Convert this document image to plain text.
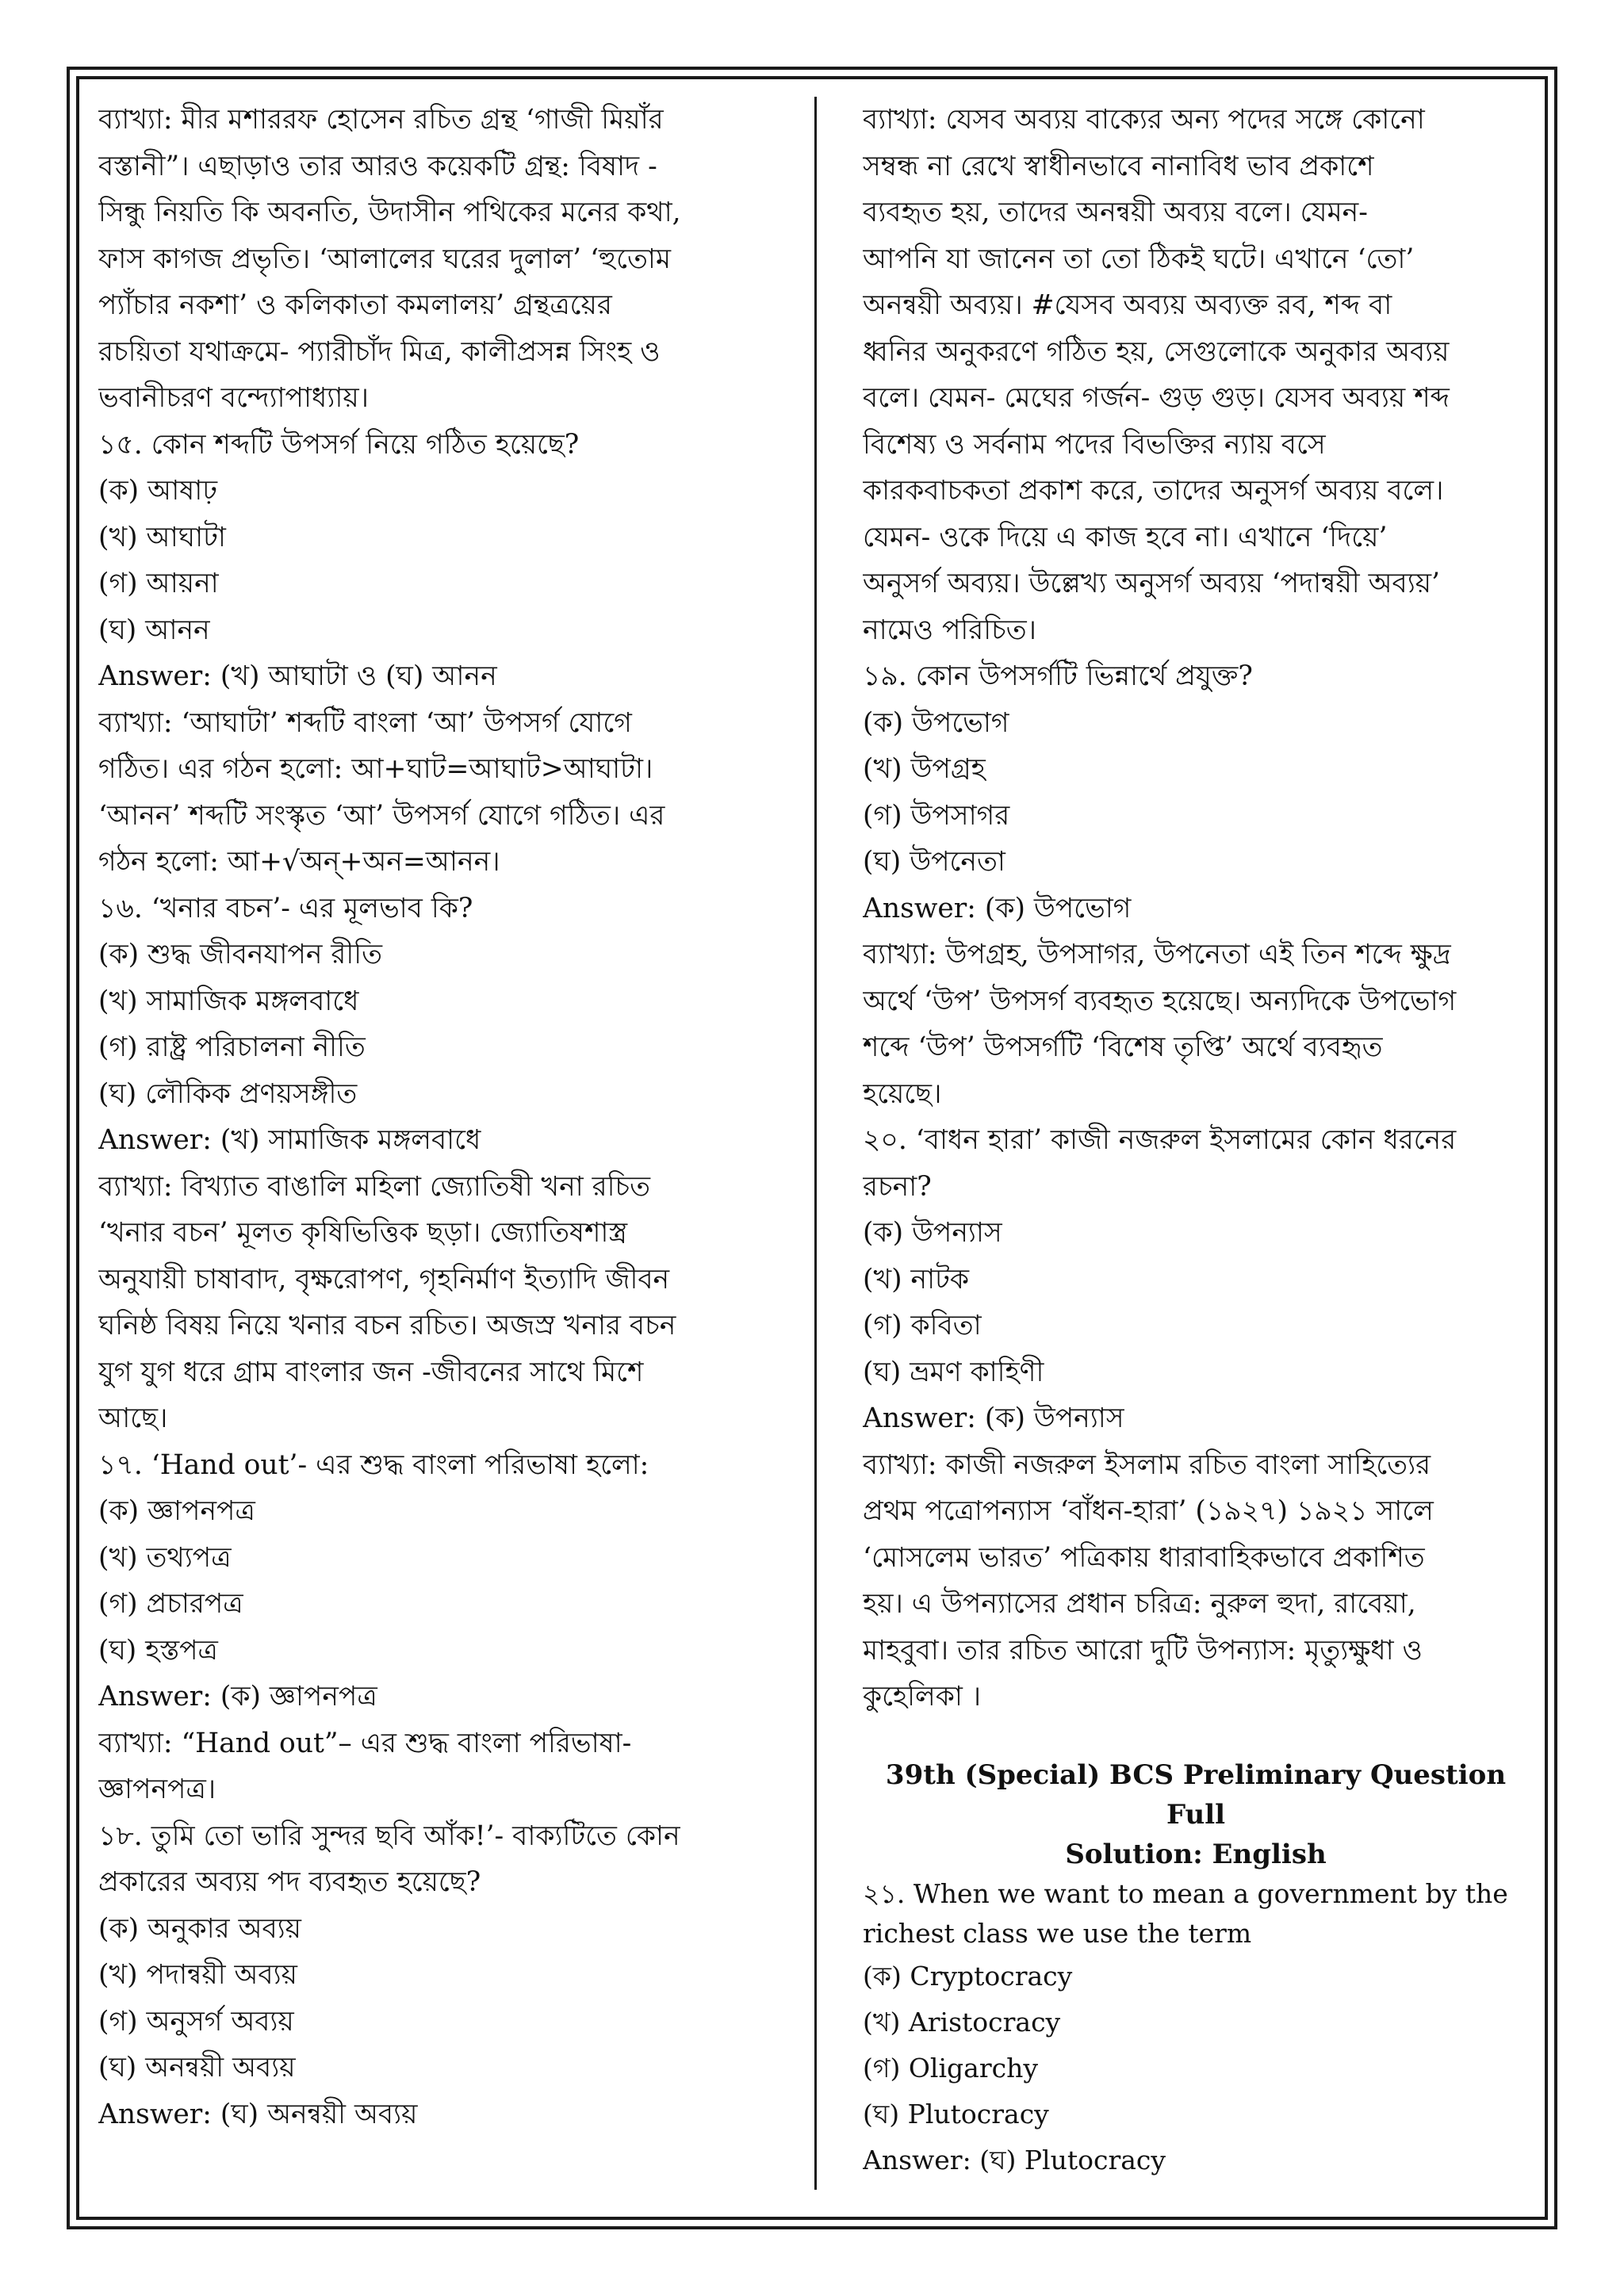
ব্যাখ্যা: মীর মশাররফ হোসেন রচিত গ্রন্থ ‘গাজী মিয়াঁর
বস্তানী”। এছাড়াও তার আরও কয়েকটি গ্রন্থ: বিষাদ -
সিন্ধু নিয়তি কি অবনতি, উদাসীন পথিকের মনের কথা,
ফাস কাগজ প্রভৃতি। ‘আলালের ঘরের দুলাল’ ‘হুতোম
প্যাঁচার নকশা’ ও কলিকাতা কমলালয়’ গ্রন্থত্রয়ের
রচয়িতা যথাক্রমে- প্যারীচাঁদ মিত্র, কালীপ্রসন্ন সিংহ ও
ভবানীচরণ বন্দ্যোপাধ্যায়।
১৫. কোন শব্দটি উপসর্গ নিয়ে গঠিত হয়েছে?
(ক) আষাঢ়
(খ) আঘাটা
(গ) আয়না
(ঘ) আনন
Answer: (খ) আঘাটা ও (ঘ) আনন
ব্যাখ্যা: ‘আঘাটা’ শব্দটি বাংলা ‘আ’ উপসর্গ যোগে
গঠিত। এর গঠন হলো: আ+ঘাট=আঘাট>আঘাটা।
‘আনন’ শব্দটি সংস্কৃত ‘আ’ উপসর্গ যোগে গঠিত। এর
গঠন হলো: আ+√অন্+অন=আনন।
১৬. ‘খনার বচন’- এর মূলভাব কি?
(ক) শুদ্ধ জীবনযাপন রীতি
(খ) সামাজিক মঙ্গলবাধে
(গ) রাষ্ট্র পরিচালনা নীতি
(ঘ) লৌকিক প্রণয়সঙ্গীত
Answer: (খ) সামাজিক মঙ্গলবাধে
ব্যাখ্যা: বিখ্যাত বাঙালি মহিলা জ্যোতিষী খনা রচিত
‘খনার বচন’ মূলত কৃষিভিত্তিক ছড়া। জ্যোতিষশাস্ত্র
অনুযায়ী চাষাবাদ, বৃক্ষরোপণ, গৃহনির্মাণ ইত্যাদি জীবন
ঘনিষ্ঠ বিষয় নিয়ে খনার বচন রচিত। অজস্র খনার বচন
যুগ যুগ ধরে গ্রাম বাংলার জন -জীবনের সাথে মিশে
আছে।
১৭. ‘Hand out’- এর শুদ্ধ বাংলা পরিভাষা হলো:
(ক) জ্ঞাপনপত্র
(খ) তথ্যপত্র
(গ) প্রচারপত্র
(ঘ) হস্তপত্র
Answer: (ক) জ্ঞাপনপত্র
ব্যাখ্যা: “Hand out”– এর শুদ্ধ বাংলা পরিভাষা-
জ্ঞাপনপত্র।
১৮. তুমি তো ভারি সুন্দর ছবি আঁক!’- বাক্যটিতে কোন
প্রকারের অব্যয় পদ ব্যবহৃত হয়েছে?
(ক) অনুকার অব্যয়
(খ) পদান্বয়ী অব্যয়
(গ) অনুসর্গ অব্যয়
(ঘ) অনন্বয়ী অব্যয়
Answer: (ঘ) অনন্বয়ী অব্যয়
ব্যাখ্যা: যেসব অব্যয় বাক্যের অন্য পদের সঙ্গে কোনো
সম্বন্ধ না রেখে স্বাধীনভাবে নানাবিধ ভাব প্রকাশে
ব্যবহৃত হয়, তাদের অনন্বয়ী অব্যয় বলে। যেমন-
আপনি যা জানেন তা তো ঠিকই ঘটে। এখানে ‘তো’
অনন্বয়ী অব্যয়। #যেসব অব্যয় অব্যক্ত রব, শব্দ বা
ধ্বনির অনুকরণে গঠিত হয়, সেগুলোকে অনুকার অব্যয়
বলে। যেমন- মেঘের গর্জন- গুড় গুড়। যেসব অব্যয় শব্দ
বিশেষ্য ও সর্বনাম পদের বিভক্তির ন্যায় বসে
কারকবাচকতা প্রকাশ করে, তাদের অনুসর্গ অব্যয় বলে।
যেমন- ওকে দিয়ে এ কাজ হবে না। এখানে ‘দিয়ে’
অনুসর্গ অব্যয়। উল্লেখ্য অনুসর্গ অব্যয় ‘পদান্বয়ী অব্যয়’
নামেও পরিচিত।
১৯. কোন উপসর্গটি ভিন্নার্থে প্রযুক্ত?
(ক) উপভোগ
(খ) উপগ্রহ
(গ) উপসাগর
(ঘ) উপনেতা
Answer: (ক) উপভোগ
ব্যাখ্যা: উপগ্রহ, উপসাগর, উপনেতা এই তিন শব্দে ক্ষুদ্র
অর্থে ‘উপ’ উপসর্গ ব্যবহৃত হয়েছে। অন্যদিকে উপভোগ
শব্দে ‘উপ’ উপসর্গটি ‘বিশেষ তৃপ্তি’ অর্থে ব্যবহৃত
হয়েছে।
২০. ‘বাধন হারা’ কাজী নজরুল ইসলামের কোন ধরনের
রচনা?
(ক) উপন্যাস
(খ) নাটক
(গ) কবিতা
(ঘ) ভ্রমণ কাহিণী
Answer: (ক) উপন্যাস
ব্যাখ্যা: কাজী নজরুল ইসলাম রচিত বাংলা সাহিত্যের
প্রথম পত্রোপন্যাস ‘বাঁধন-হারা’ (১৯২৭) ১৯২১ সালে
‘মোসলেম ভারত’ পত্রিকায় ধারাবাহিকভাবে প্রকাশিত
হয়। এ উপন্যাসের প্রধান চরিত্র: নুরুল হুদা, রাবেয়া,
মাহবুবা। তার রচিত আরো দুটি উপন্যাস: মৃত্যুক্ষুধা ও
কুহেলিকা ।
39th (Special) BCS Preliminary Question Full
Solution: English
২১. When we want to mean a government by the
richest class we use the term
(ক) Cryptocracy
(খ) Aristocracy
(গ) Oligarchy
(ঘ) Plutocracy
Answer: (ঘ) Plutocracy
